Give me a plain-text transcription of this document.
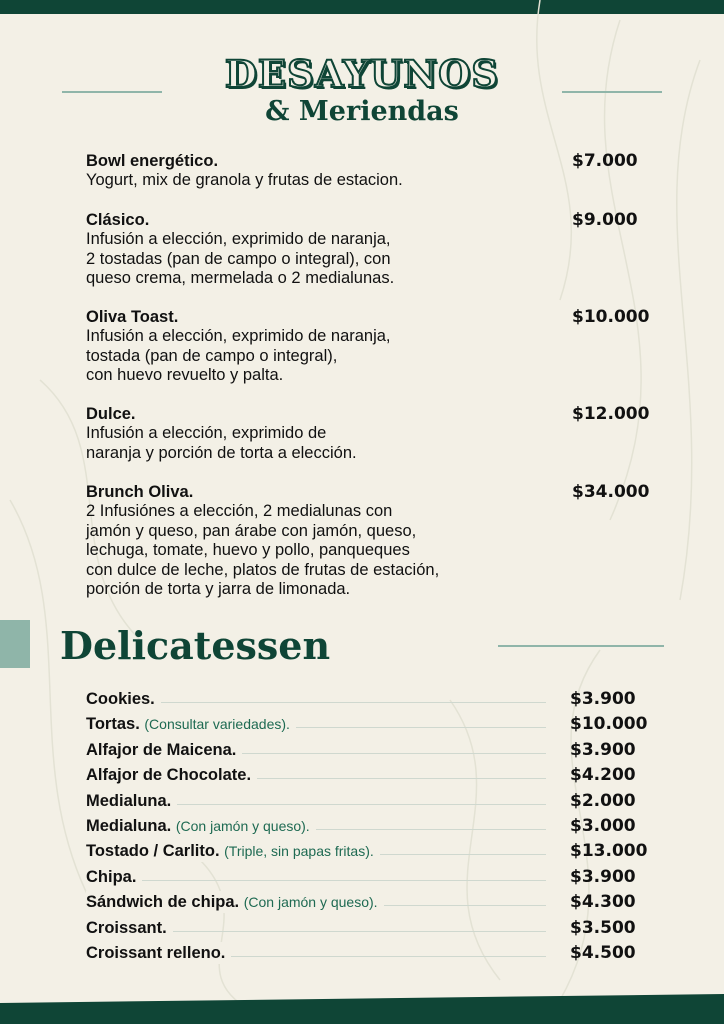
DESAYUNOS
& Meriendas
Bowl energético.
Yogurt, mix de granola y frutas de estacion.
$7.000
Clásico.
Infusión a elección, exprimido de naranja,
2 tostadas (pan de campo o integral), con
queso crema, mermelada o 2 medialunas.
$9.000
Oliva Toast.
Infusión a elección, exprimido de naranja,
tostada (pan de campo o integral),
con huevo revuelto y palta.
$10.000
Dulce.
Infusión a elección, exprimido de
naranja y porción de torta a elección.
$12.000
Brunch Oliva.
2 Infusiónes a elección, 2 medialunas con
jamón y queso, pan árabe con jamón, queso,
lechuga, tomate, huevo y pollo, panqueques
con dulce de leche, platos de frutas de estación,
porción de torta y jarra de limonada.
$34.000
Delicatessen
Cookies.	$3.900
Tortas. (Consultar variedades).	$10.000
Alfajor de Maicena.	$3.900
Alfajor de Chocolate.	$4.200
Medialuna.	$2.000
Medialuna. (Con jamón y queso).	$3.000
Tostado / Carlito. (Triple, sin papas fritas).	$13.000
Chipa.	$3.900
Sándwich de chipa. (Con jamón y queso).	$4.300
Croissant.	$3.500
Croissant relleno.	$4.500
